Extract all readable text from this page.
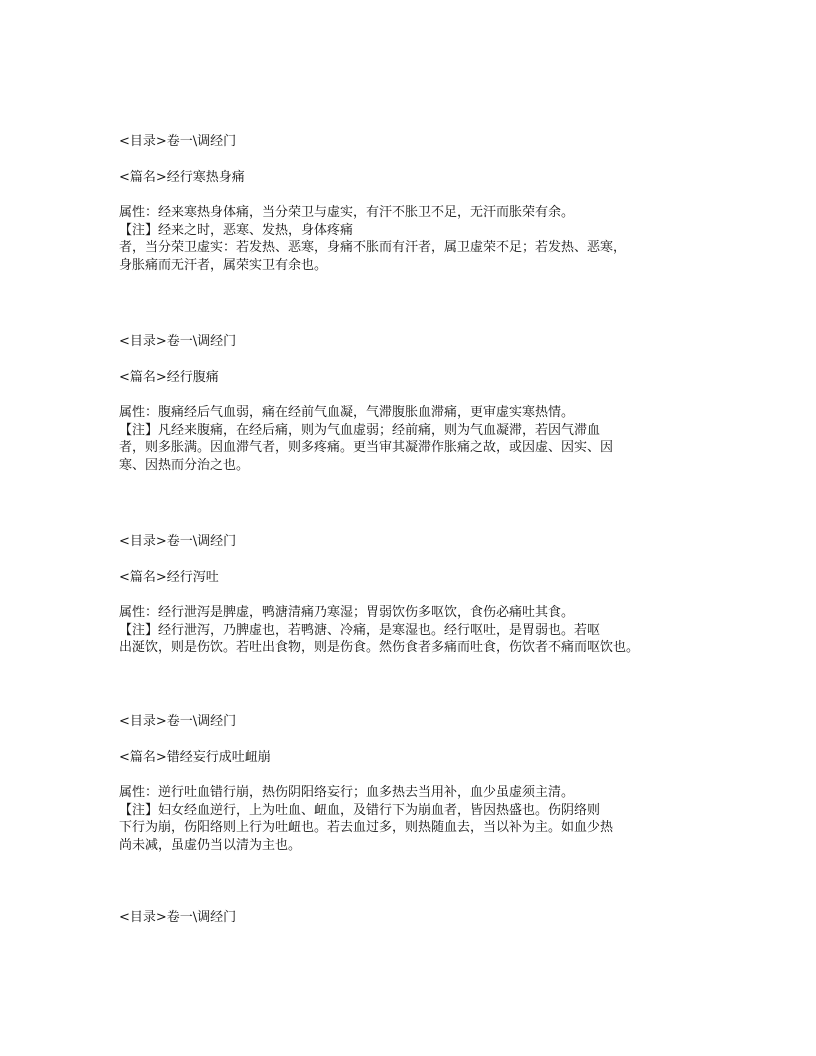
<目录>卷一\调经门
<篇名>经行寒热身痛
属性：经来寒热身体痛，当分荣卫与虚实，有汗不胀卫不足，无汗而胀荣有余。
【注】经来之时，恶寒、发热，身体疼痛
者，当分荣卫虚实：若发热、恶寒，身痛不胀而有汗者，属卫虚荣不足；若发热、恶寒，
身胀痛而无汗者，属荣实卫有余也。
<目录>卷一\调经门
<篇名>经行腹痛
属性：腹痛经后气血弱，痛在经前气血凝，气滞腹胀血滞痛，更审虚实寒热情。
【注】凡经来腹痛，在经后痛，则为气血虚弱；经前痛，则为气血凝滞，若因气滞血
者，则多胀满。因血滞气者，则多疼痛。更当审其凝滞作胀痛之故，或因虚、因实、因
寒、因热而分治之也。
<目录>卷一\调经门
<篇名>经行泻吐
属性：经行泄泻是脾虚，鸭溏清痛乃寒湿；胃弱饮伤多呕饮，食伤必痛吐其食。
【注】经行泄泻，乃脾虚也，若鸭溏、冷痛，是寒湿也。经行呕吐，是胃弱也。若呕
出涎饮，则是伤饮。若吐出食物，则是伤食。然伤食者多痛而吐食，伤饮者不痛而呕饮也。
<目录>卷一\调经门
<篇名>错经妄行成吐衄崩
属性：逆行吐血错行崩，热伤阴阳络妄行；血多热去当用补，血少虽虚须主清。
【注】妇女经血逆行，上为吐血、衄血，及错行下为崩血者，皆因热盛也。伤阴络则
下行为崩，伤阳络则上行为吐衄也。若去血过多，则热随血去，当以补为主。如血少热
尚未减，虽虚仍当以清为主也。
<目录>卷一\调经门
